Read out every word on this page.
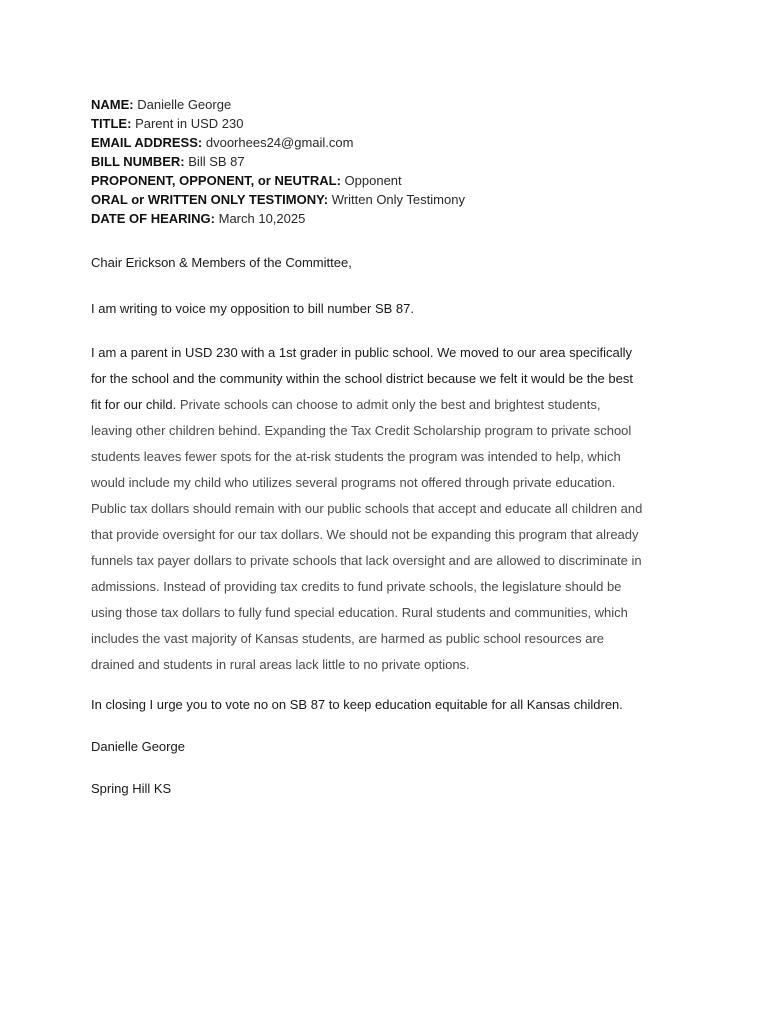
NAME: Danielle George
TITLE: Parent in USD 230
EMAIL ADDRESS: dvoorhees24@gmail.com
BILL NUMBER: Bill SB 87
PROPONENT, OPPONENT, or NEUTRAL: Opponent
ORAL or WRITTEN ONLY TESTIMONY: Written Only Testimony
DATE OF HEARING: March 10,2025
Chair Erickson & Members of the Committee,
I am writing to voice my opposition to bill number SB 87.
I am a parent in USD 230 with a 1st grader in public school. We moved to our area specifically
for the school and the community within the school district because we felt it would be the best
fit for our child. Private schools can choose to admit only the best and brightest students,
leaving other children behind. Expanding the Tax Credit Scholarship program to private school
students leaves fewer spots for the at-risk students the program was intended to help, which
would include my child who utilizes several programs not offered through private education.
Public tax dollars should remain with our public schools that accept and educate all children and
that provide oversight for our tax dollars. We should not be expanding this program that already
funnels tax payer dollars to private schools that lack oversight and are allowed to discriminate in
admissions. Instead of providing tax credits to fund private schools, the legislature should be
using those tax dollars to fully fund special education. Rural students and communities, which
includes the vast majority of Kansas students, are harmed as public school resources are
drained and students in rural areas lack little to no private options.
In closing I urge you to vote no on SB 87 to keep education equitable for all Kansas children.
Danielle George
Spring Hill KS
